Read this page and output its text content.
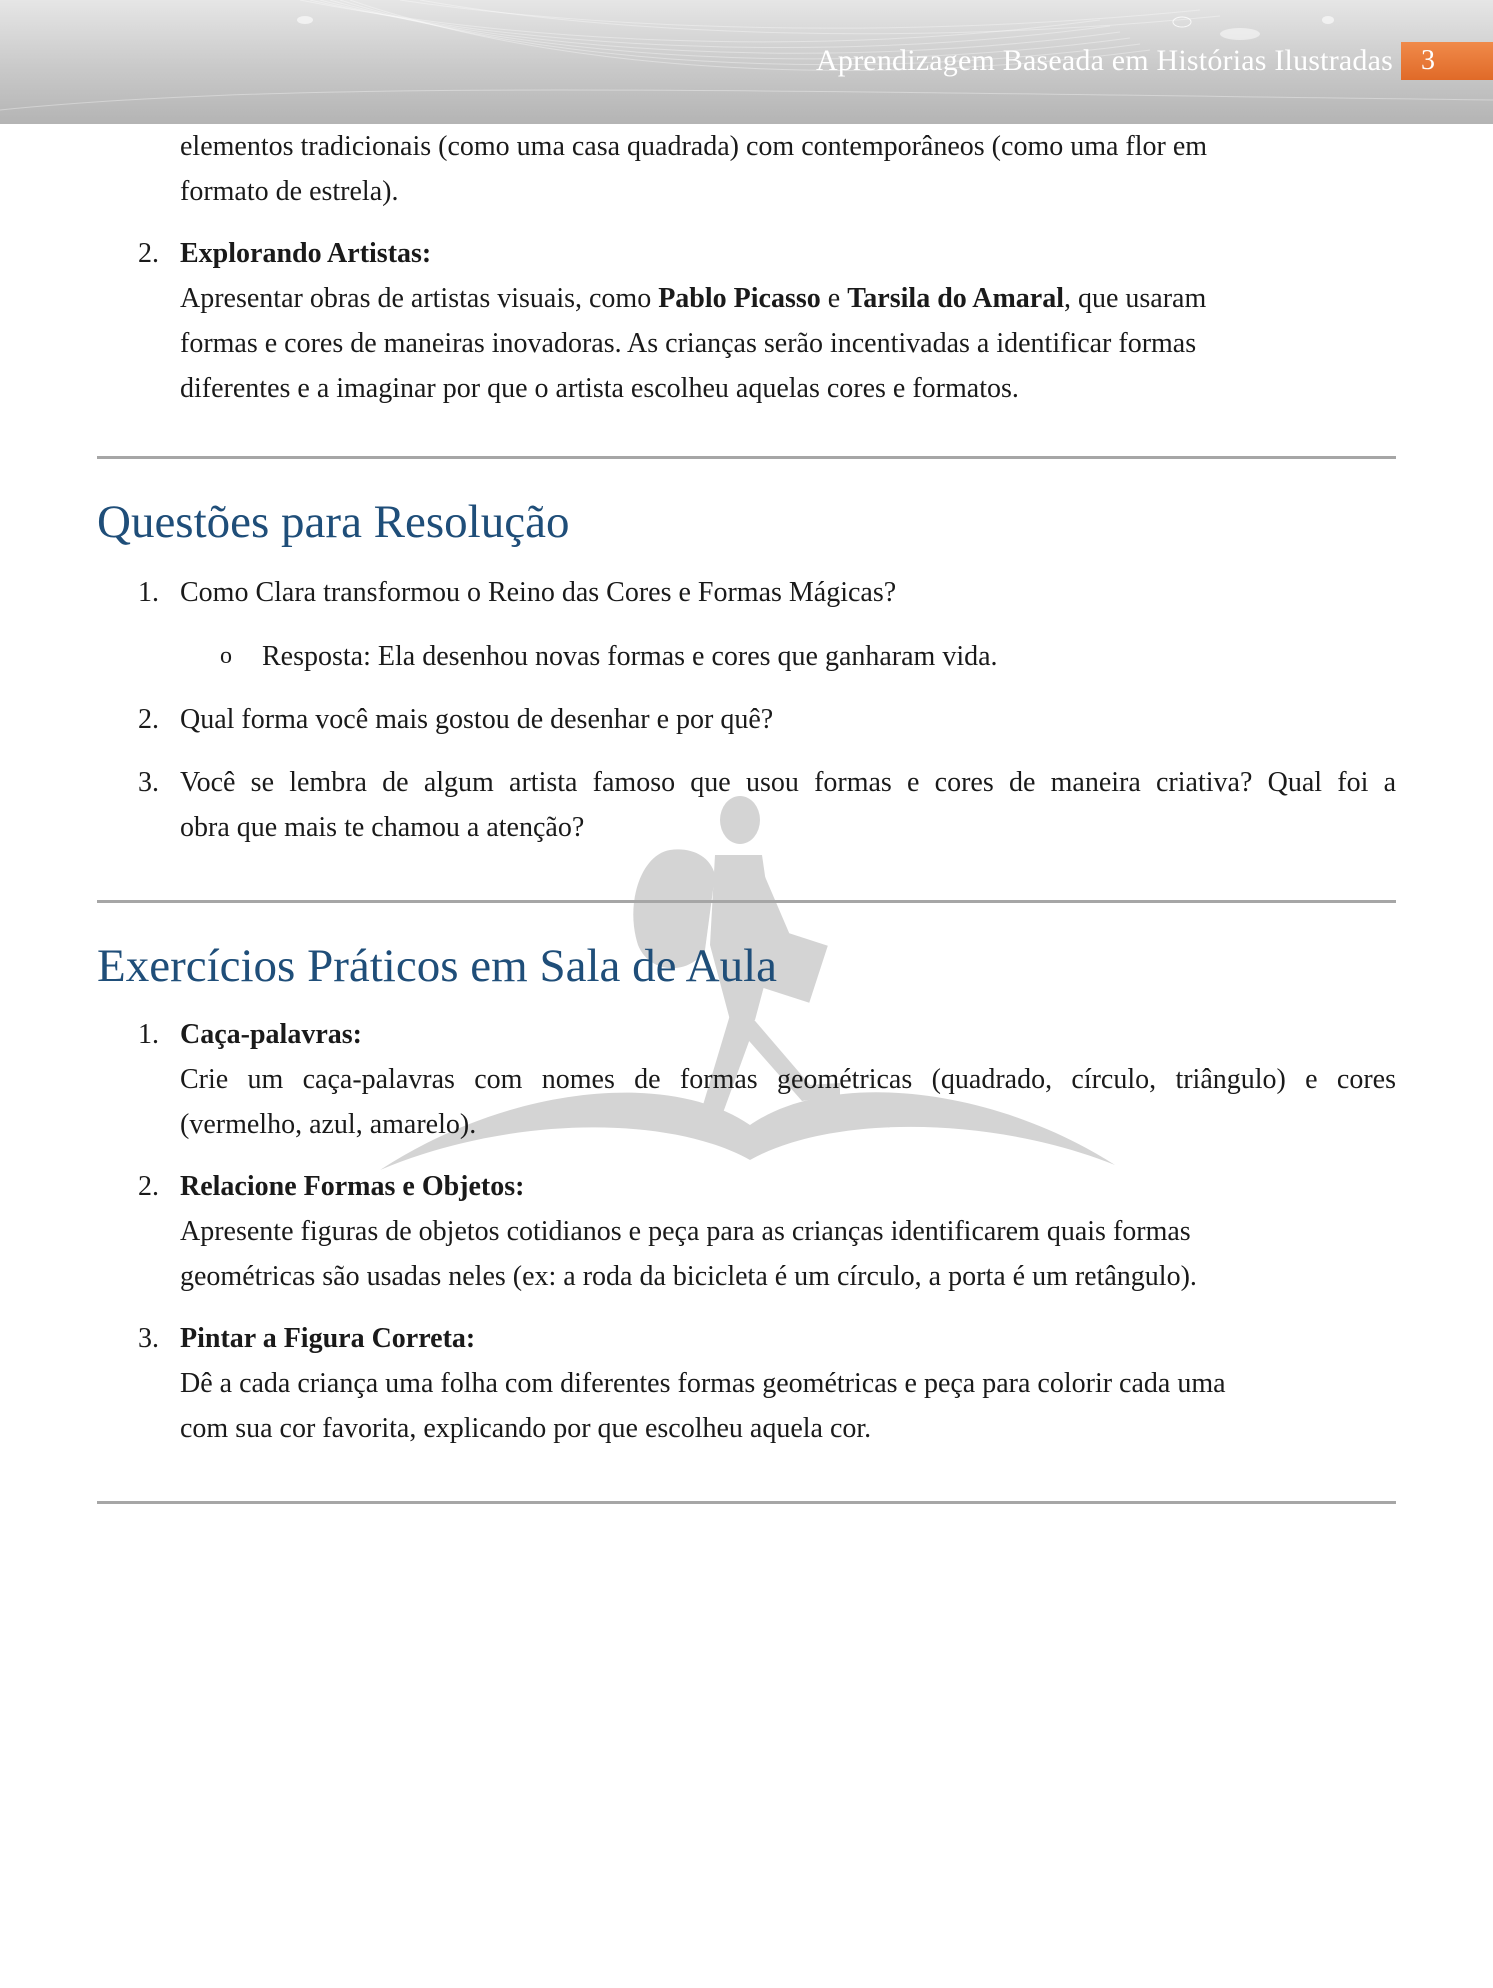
Aprendizagem Baseada em Histórias Ilustradas	3
elementos tradicionais (como uma casa quadrada) com contemporâneos (como uma flor em
formato de estrela).
2. Explorando Artistas:
Apresentar obras de artistas visuais, como Pablo Picasso e Tarsila do Amaral, que usaram
formas e cores de maneiras inovadoras. As crianças serão incentivadas a identificar formas
diferentes e a imaginar por que o artista escolheu aquelas cores e formatos.
Questões para Resolução
1. Como Clara transformou o Reino das Cores e Formas Mágicas?
o Resposta: Ela desenhou novas formas e cores que ganharam vida.
2. Qual forma você mais gostou de desenhar e por quê?
3. Você se lembra de algum artista famoso que usou formas e cores de maneira criativa? Qual foi a
obra que mais te chamou a atenção?
Exercícios Práticos em Sala de Aula
1. Caça-palavras:
Crie um caça-palavras com nomes de formas geométricas (quadrado, círculo, triângulo) e cores
(vermelho, azul, amarelo).
2. Relacione Formas e Objetos:
Apresente figuras de objetos cotidianos e peça para as crianças identificarem quais formas
geométricas são usadas neles (ex: a roda da bicicleta é um círculo, a porta é um retângulo).
3. Pintar a Figura Correta:
Dê a cada criança uma folha com diferentes formas geométricas e peça para colorir cada uma
com sua cor favorita, explicando por que escolheu aquela cor.
